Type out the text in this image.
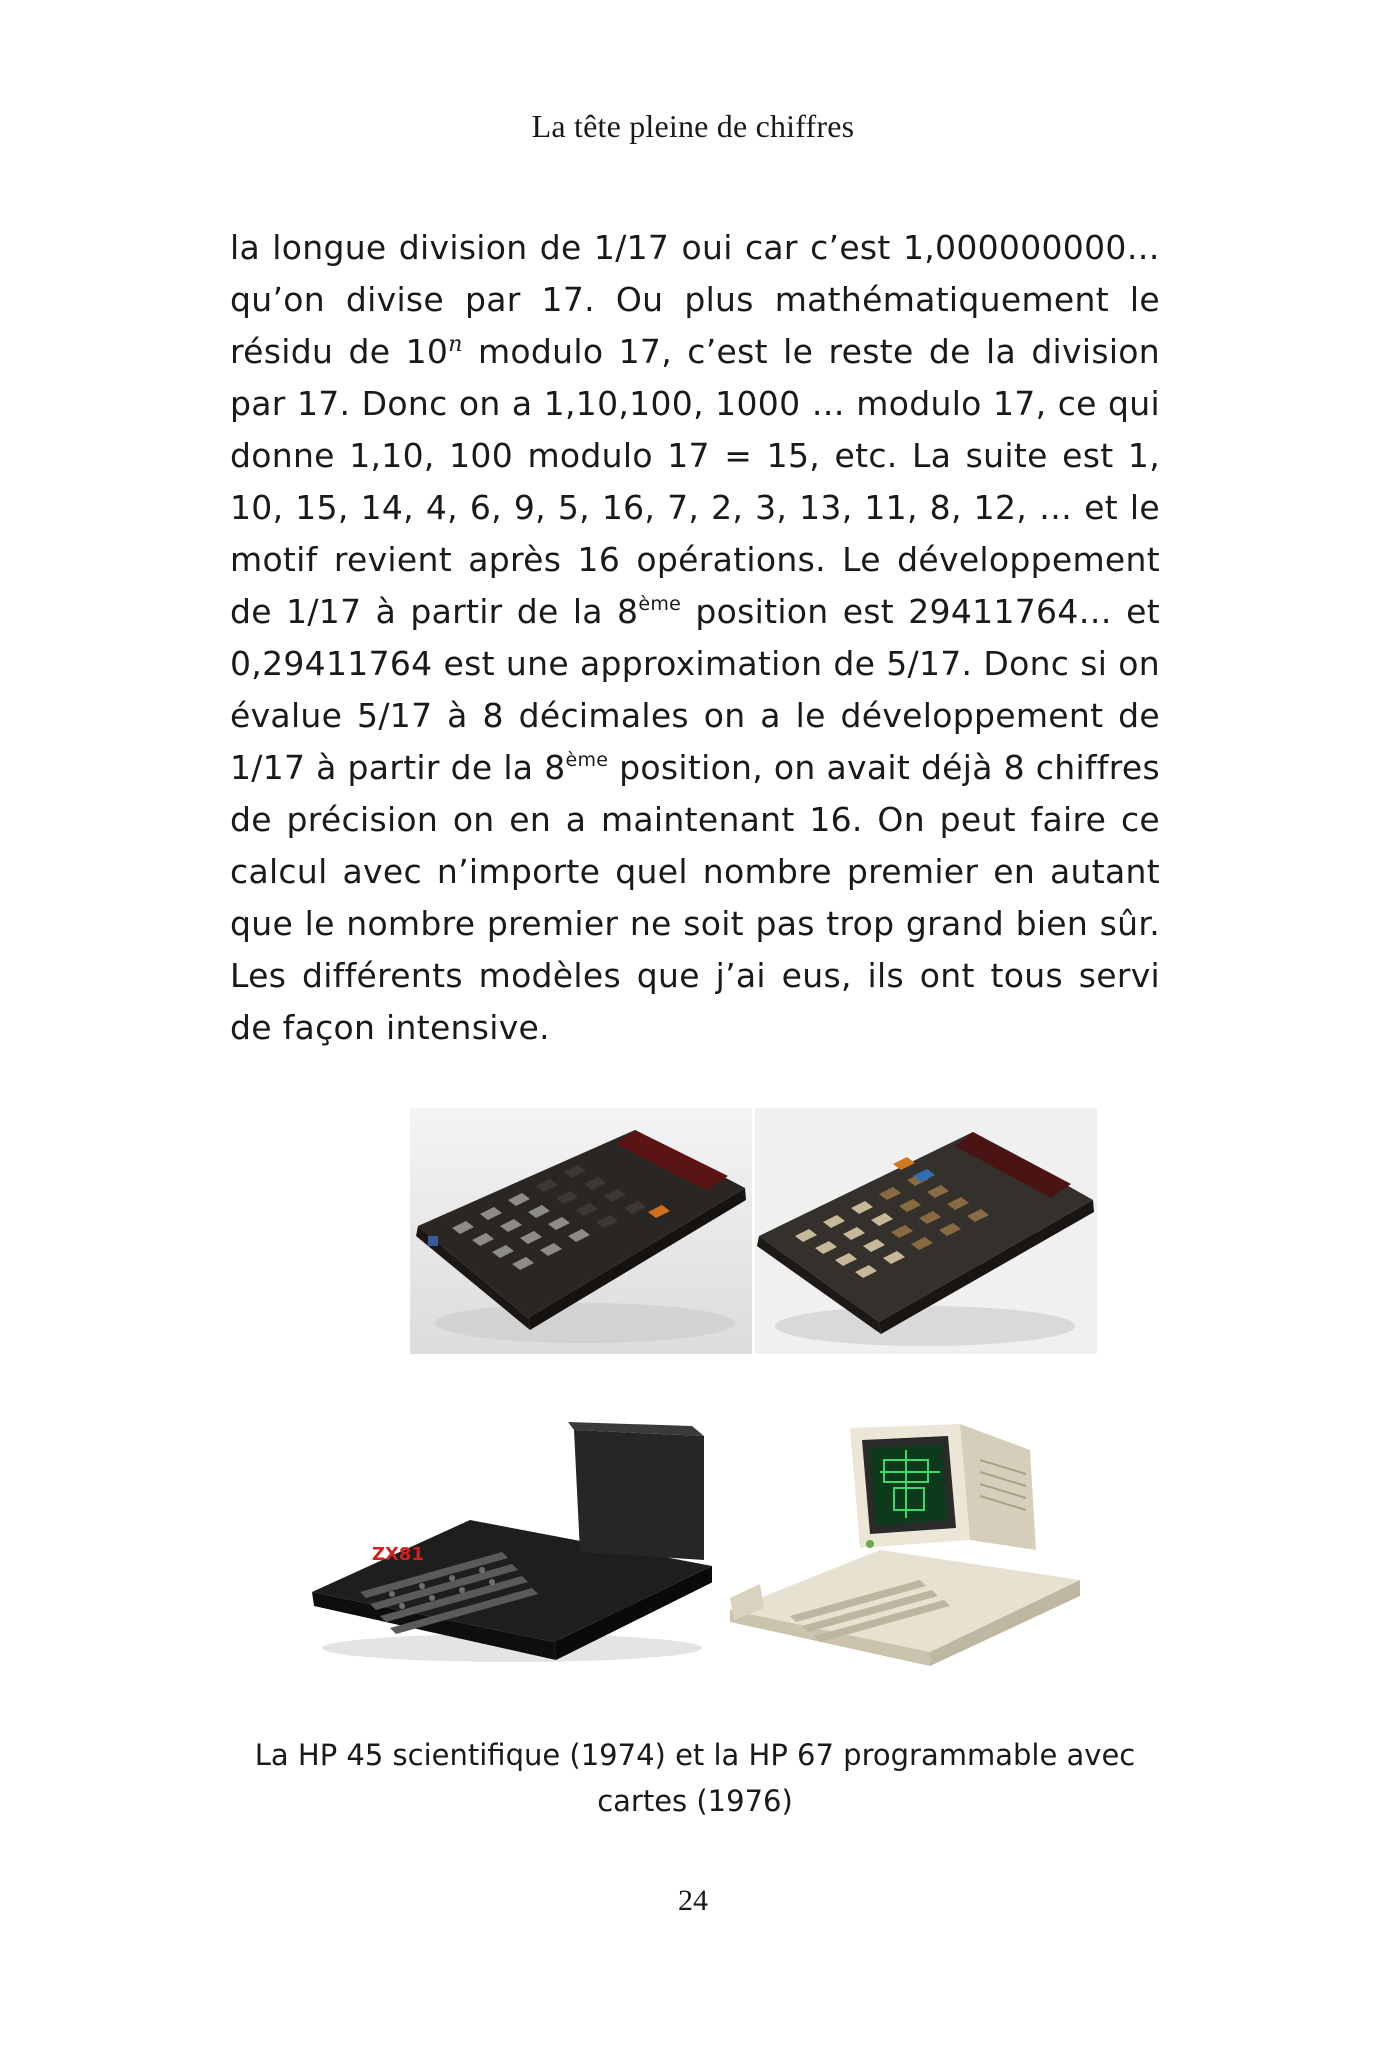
La tête pleine de chiffres
la longue division de 1/17 oui car c’est 1,000000000… qu’on divise par 17. Ou plus mathématiquement le résidu de 10$^n$ modulo 17, c’est le reste de la division par 17. Donc on a 1,10,100, 1000 … modulo 17, ce qui donne 1,10, 100 modulo 17 = 15, etc. La suite est 1, 10, 15, 14, 4, 6, 9, 5, 16, 7, 2, 3, 13, 11, 8, 12, … et le motif revient après 16 opérations. Le développement de 1/17 à partir de la 8ème position est 29411764… et 0,29411764 est une approximation de 5/17. Donc si on évalue 5/17 à 8 décimales on a le développement de 1/17 à partir de la 8ème position, on avait déjà 8 chiffres de précision on en a maintenant 16. On peut faire ce calcul avec n’importe quel nombre premier en autant que le nombre premier ne soit pas trop grand bien sûr. Les différents modèles que j’ai eus, ils ont tous servi de façon intensive.
ZX81
La HP 45 scientifique (1974) et la HP 67 programmable avec cartes (1976)
24
